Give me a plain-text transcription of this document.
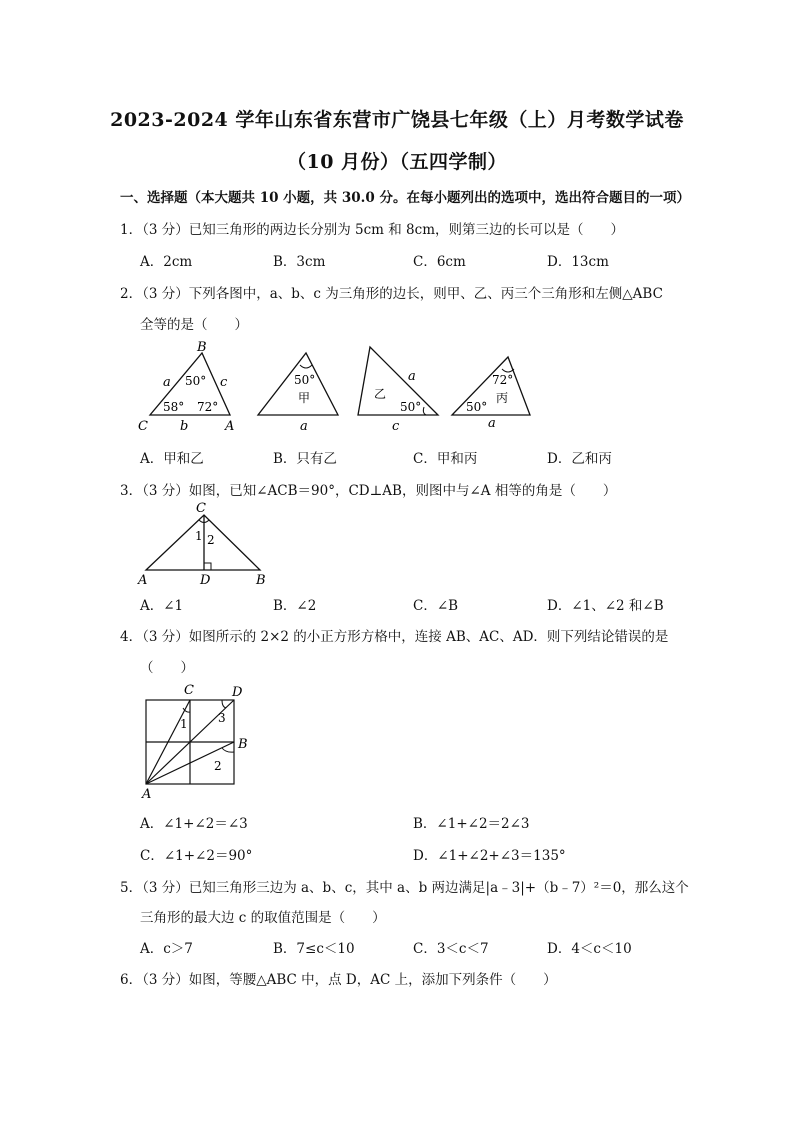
2023-2024 学年山东省东营市广饶县七年级（上）月考数学试卷
（10 月份）（五四学制）
一、选择题（本大题共 10 小题，共 30.0 分。在每小题列出的选项中，选出符合题目的一项）
1．（3 分）已知三角形的两边长分别为 5cm 和 8cm，则第三边的长可以是（　　）
A．2cm	B．3cm	C．6cm	D．13cm
2．（3 分）下列各图中，a、b、c 为三角形的边长，则甲、乙、丙三个三角形和左侧△ABC
全等的是（　　）
B
C	A
a	c
b
50°
58° 72°
50°
甲
a
a
乙
50°
c
72°
丙
50°
a
A．甲和乙	B．只有乙	C．甲和丙	D．乙和丙
3．（3 分）如图，已知∠ACB＝90°，CD⊥AB，则图中与∠A 相等的角是（　　）
C
A	D	B
1 2
A．∠1	B．∠2	C．∠B	D．∠1、∠2 和∠B
4．（3 分）如图所示的 2×2 的小正方形方格中，连接 AB、AC、AD．则下列结论错误的是
（　　）
C	D
B
A
1	3
2
A．∠1+∠2＝∠3	B．∠1+∠2＝2∠3
C．∠1+∠2＝90°	D．∠1+∠2+∠3＝135°
5．（3 分）已知三角形三边为 a、b、c，其中 a、b 两边满足|a﹣3|+（b﹣7）²＝0，那么这个
三角形的最大边 c 的取值范围是（　　）
A．c＞7	B．7≤c＜10	C．3＜c＜7	D．4＜c＜10
6．（3 分）如图，等腰△ABC 中，点 D，AC 上，添加下列条件（　　）
